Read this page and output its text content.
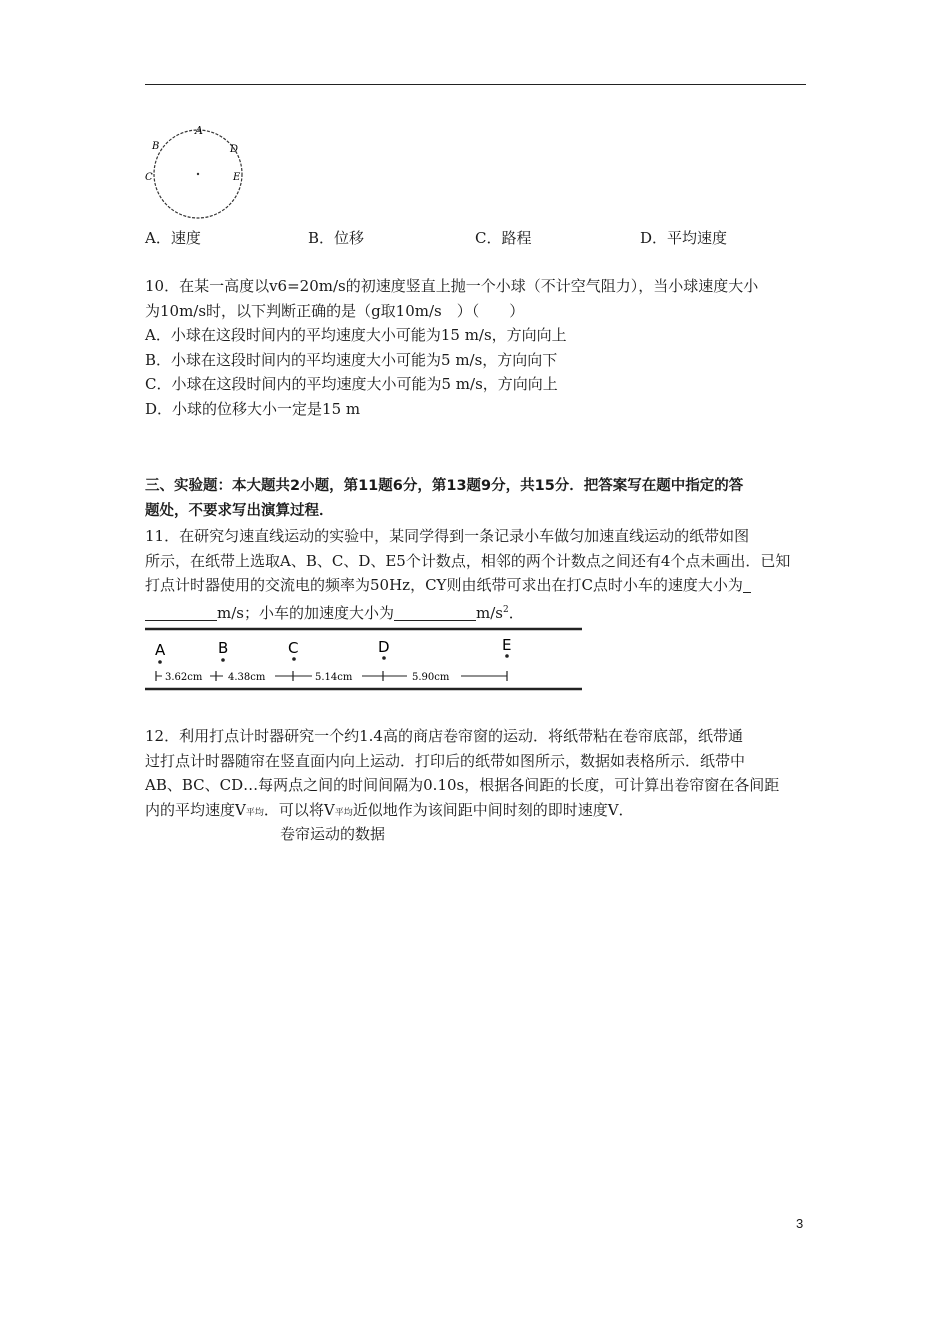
A
B	D
C	E
A．速度	B．位移	C．路程	D．平均速度
10．在某一高度以v6=20m/s的初速度竖直上抛一个小球（不计空气阻力），当小球速度大小
为10m/s时，以下判断正确的是（g取10m/s　）（　　）
A．小球在这段时间内的平均速度大小可能为15 m/s，方向向上
B．小球在这段时间内的平均速度大小可能为5 m/s，方向向下
C．小球在这段时间内的平均速度大小可能为5 m/s，方向向上
D．小球的位移大小一定是15 m
三、实验题：本大题共2小题，第11题6分，第13题9分，共15分．把答案写在题中指定的答
题处，不要求写出演算过程．
11．在研究匀速直线运动的实验中，某同学得到一条记录小车做匀加速直线运动的纸带如图
所示，在纸带上选取A、B、C、D、E5个计数点，相邻的两个计数点之间还有4个点未画出．已知
打点计时器使用的交流电的频率为50Hz，CY则由纸带可求出在打C点时小车的速度大小为
m/s；小车的加速度大小为	$m/s^2$．
A	B	C	D	E
3.62cm	4.38cm	5.14cm	5.90cm
12．利用打点计时器研究一个约1.4高的商店卷帘窗的运动．将纸带粘在卷帘底部，纸带通
过打点计时器随帘在竖直面内向上运动．打印后的纸带如图所示，数据如表格所示．纸带中
AB、BC、CD…每两点之间的时间间隔为0.10s，根据各间距的长度，可计算出卷帘窗在各间距
内的平均速度V平均．可以将V平均近似地作为该间距中间时刻的即时速度V．
卷帘运动的数据
3
